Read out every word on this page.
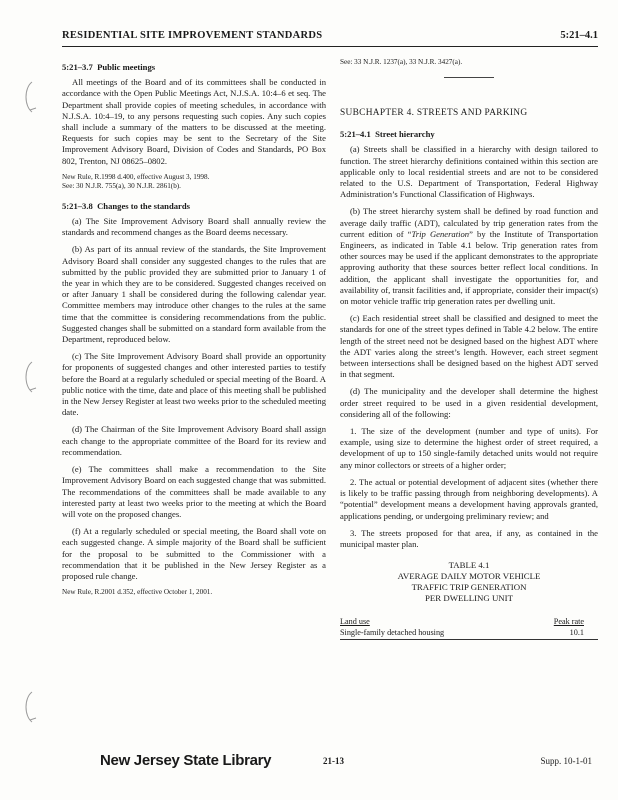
RESIDENTIAL SITE IMPROVEMENT STANDARDS	5:21–4.1
5:21–3.7 Public meetings

All meetings of the Board and of its committees shall be conducted in accordance with the Open Public Meetings Act, N.J.S.A. 10:4–6 et seq. The Department shall provide copies of meeting schedules, in accordance with N.J.S.A. 10:4–19, to any persons requesting such copies. Any such copies shall include a summary of the matters to be discussed at the meeting. Requests for such copies may be sent to the Secretary of the Site Improvement Advisory Board, Division of Codes and Standards, PO Box 802, Trenton, NJ 08625–0802.

New Rule, R.1998 d.400, effective August 3, 1998.
See: 30 N.J.R. 755(a), 30 N.J.R. 2861(b).
5:21–3.8 Changes to the standards

(a) The Site Improvement Advisory Board shall annually review the standards and recommend changes as the Board deems necessary.

(b) As part of its annual review of the standards, the Site Improvement Advisory Board shall consider any suggested changes to the rules that are submitted by the public provided they are submitted prior to January 1 of the year in which they are to be considered. Suggested changes received on or after January 1 shall be considered during the following calendar year. Committee members may introduce other changes to the rules at the same time that the committee is considering recommendations from the public. Suggested changes shall be submitted on a standard form available from the Department, reproduced below.

(c) The Site Improvement Advisory Board shall provide an opportunity for proponents of suggested changes and other interested parties to testify before the Board at a regularly scheduled or special meeting of the Board. A public notice with the time, date and place of this meeting shall be published in the New Jersey Register at least two weeks prior to the scheduled meeting date.

(d) The Chairman of the Site Improvement Advisory Board shall assign each change to the appropriate committee of the Board for its review and recommendation.

(e) The committees shall make a recommendation to the Site Improvement Advisory Board on each suggested change that was submitted. The recommendations of the committees shall be made available to any interested party at least two weeks prior to the meeting at which the Board will vote on the proposed changes.

(f) At a regularly scheduled or special meeting, the Board shall vote on each suggested change. A simple majority of the Board shall be sufficient for the proposal to be submitted to the Commissioner with a recommendation that it be published in the New Jersey Register as a proposed rule change.

New Rule, R.2001 d.352, effective October 1, 2001.
See: 33 N.J.R. 1237(a), 33 N.J.R. 3427(a).
SUBCHAPTER 4. STREETS AND PARKING
5:21–4.1 Street hierarchy

(a) Streets shall be classified in a hierarchy with design tailored to function. The street hierarchy definitions contained within this section are applicable only to local residential streets and are not to be considered related to the U.S. Department of Transportation, Federal Highway Administration’s Functional Classification of Highways.

(b) The street hierarchy system shall be defined by road function and average daily traffic (ADT), calculated by trip generation rates from the current edition of “Trip Generation” by the Institute of Transportation Engineers, as indicated in Table 4.1 below. Trip generation rates from other sources may be used if the applicant demonstrates to the appropriate approving authority that these sources better reflect local conditions. In addition, the applicant shall investigate the opportunities for, and availability of, transit facilities and, if appropriate, consider their impact(s) on motor vehicle traffic trip generation rates per dwelling unit.

(c) Each residential street shall be classified and designed to meet the standards for one of the street types defined in Table 4.2 below. The entire length of the street need not be designed based on the highest ADT where the ADT varies along the street’s length. However, each street segment between intersections shall be designed based on the highest ADT served in that segment.

(d) The municipality and the developer shall determine the highest order street required to be used in a given residential development, considering all of the following:

1. The size of the development (number and type of units). For example, using size to determine the highest order of street required, a development of up to 150 single-family detached units would not require any minor collectors or streets of a higher order;

2. The actual or potential development of adjacent sites (whether there is likely to be traffic passing through from neighboring developments). A “potential” development means a development having approvals granted, applications pending, or undergoing preliminary review; and

3. The streets proposed for that area, if any, as contained in the municipal master plan.

TABLE 4.1
AVERAGE DAILY MOTOR VEHICLE
TRAFFIC TRIP GENERATION
PER DWELLING UNIT
Land use	Peak rate
Single-family detached housing	10.1
New Jersey State Library	21-13	Supp. 10-1-01
